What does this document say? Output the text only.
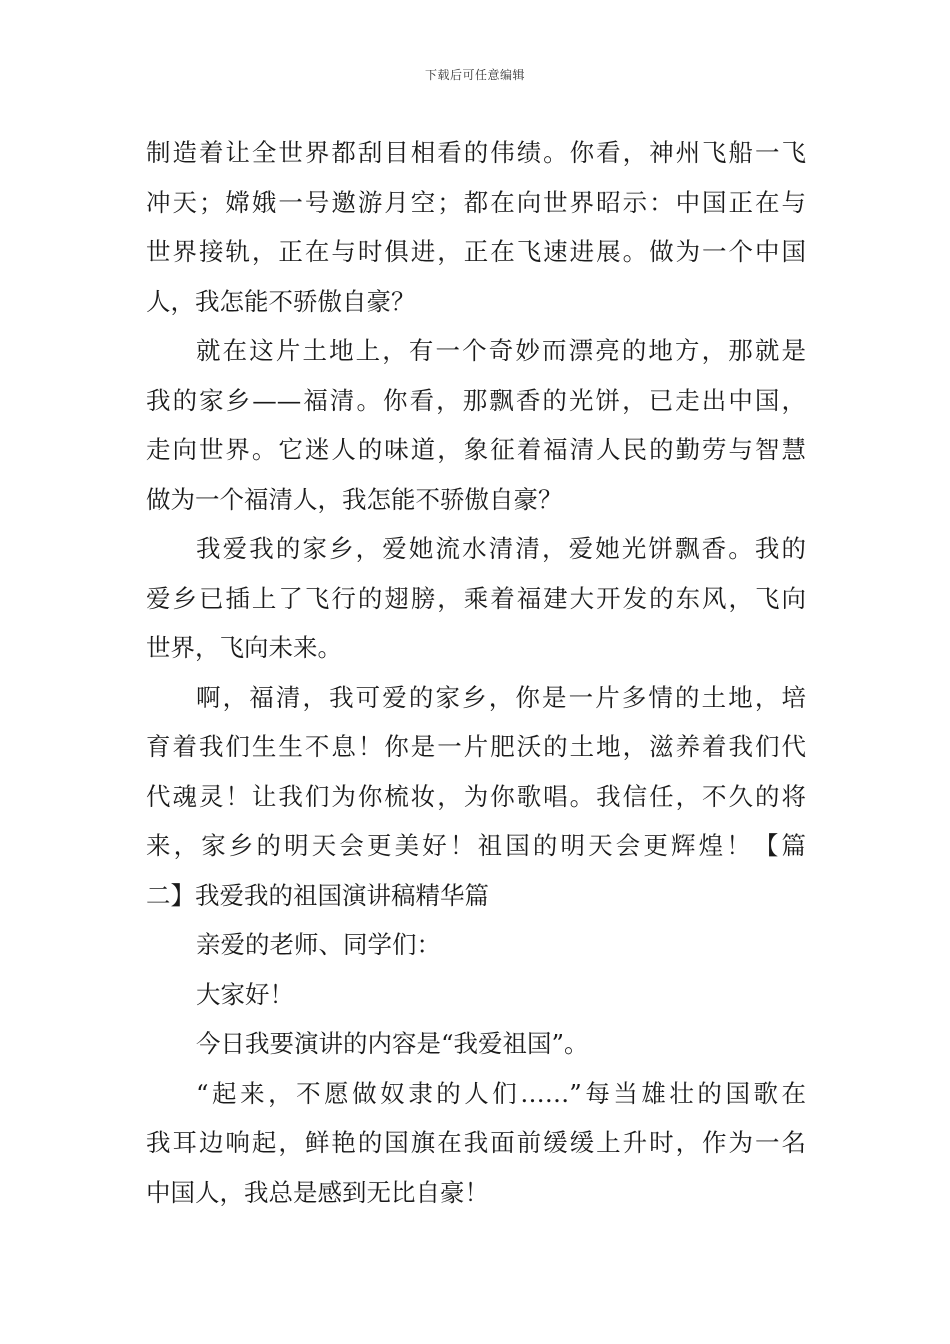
下载后可任意编辑
制造着让全世界都刮目相看的伟绩。你看，神州飞船一飞
冲天；嫦娥一号邀游月空；都在向世界昭示：中国正在与
世界接轨，正在与时俱进，正在飞速进展。做为一个中国
人，我怎能不骄傲自豪？
就在这片土地上，有一个奇妙而漂亮的地方，那就是
我的家乡——福清。你看，那飘香的光饼，已走出中国，
走向世界。它迷人的味道，象征着福清人民的勤劳与智慧
做为一个福清人，我怎能不骄傲自豪？
我爱我的家乡，爱她流水清清，爱她光饼飘香。我的
爱乡已插上了飞行的翅膀，乘着福建大开发的东风，飞向
世界，飞向未来。
啊，福清，我可爱的家乡，你是一片多情的土地，培
育着我们生生不息！你是一片肥沃的土地，滋养着我们代
代魂灵！让我们为你梳妆，为你歌唱。我信任，不久的将
来，家乡的明天会更美好！祖国的明天会更辉煌！【篇
二】我爱我的祖国演讲稿精华篇
亲爱的老师、同学们：
大家好！
今日我要演讲的内容是“我爱祖国”。
“起来，不愿做奴隶的人们……”每当雄壮的国歌在
我耳边响起，鲜艳的国旗在我面前缓缓上升时，作为一名
中国人，我总是感到无比自豪！
